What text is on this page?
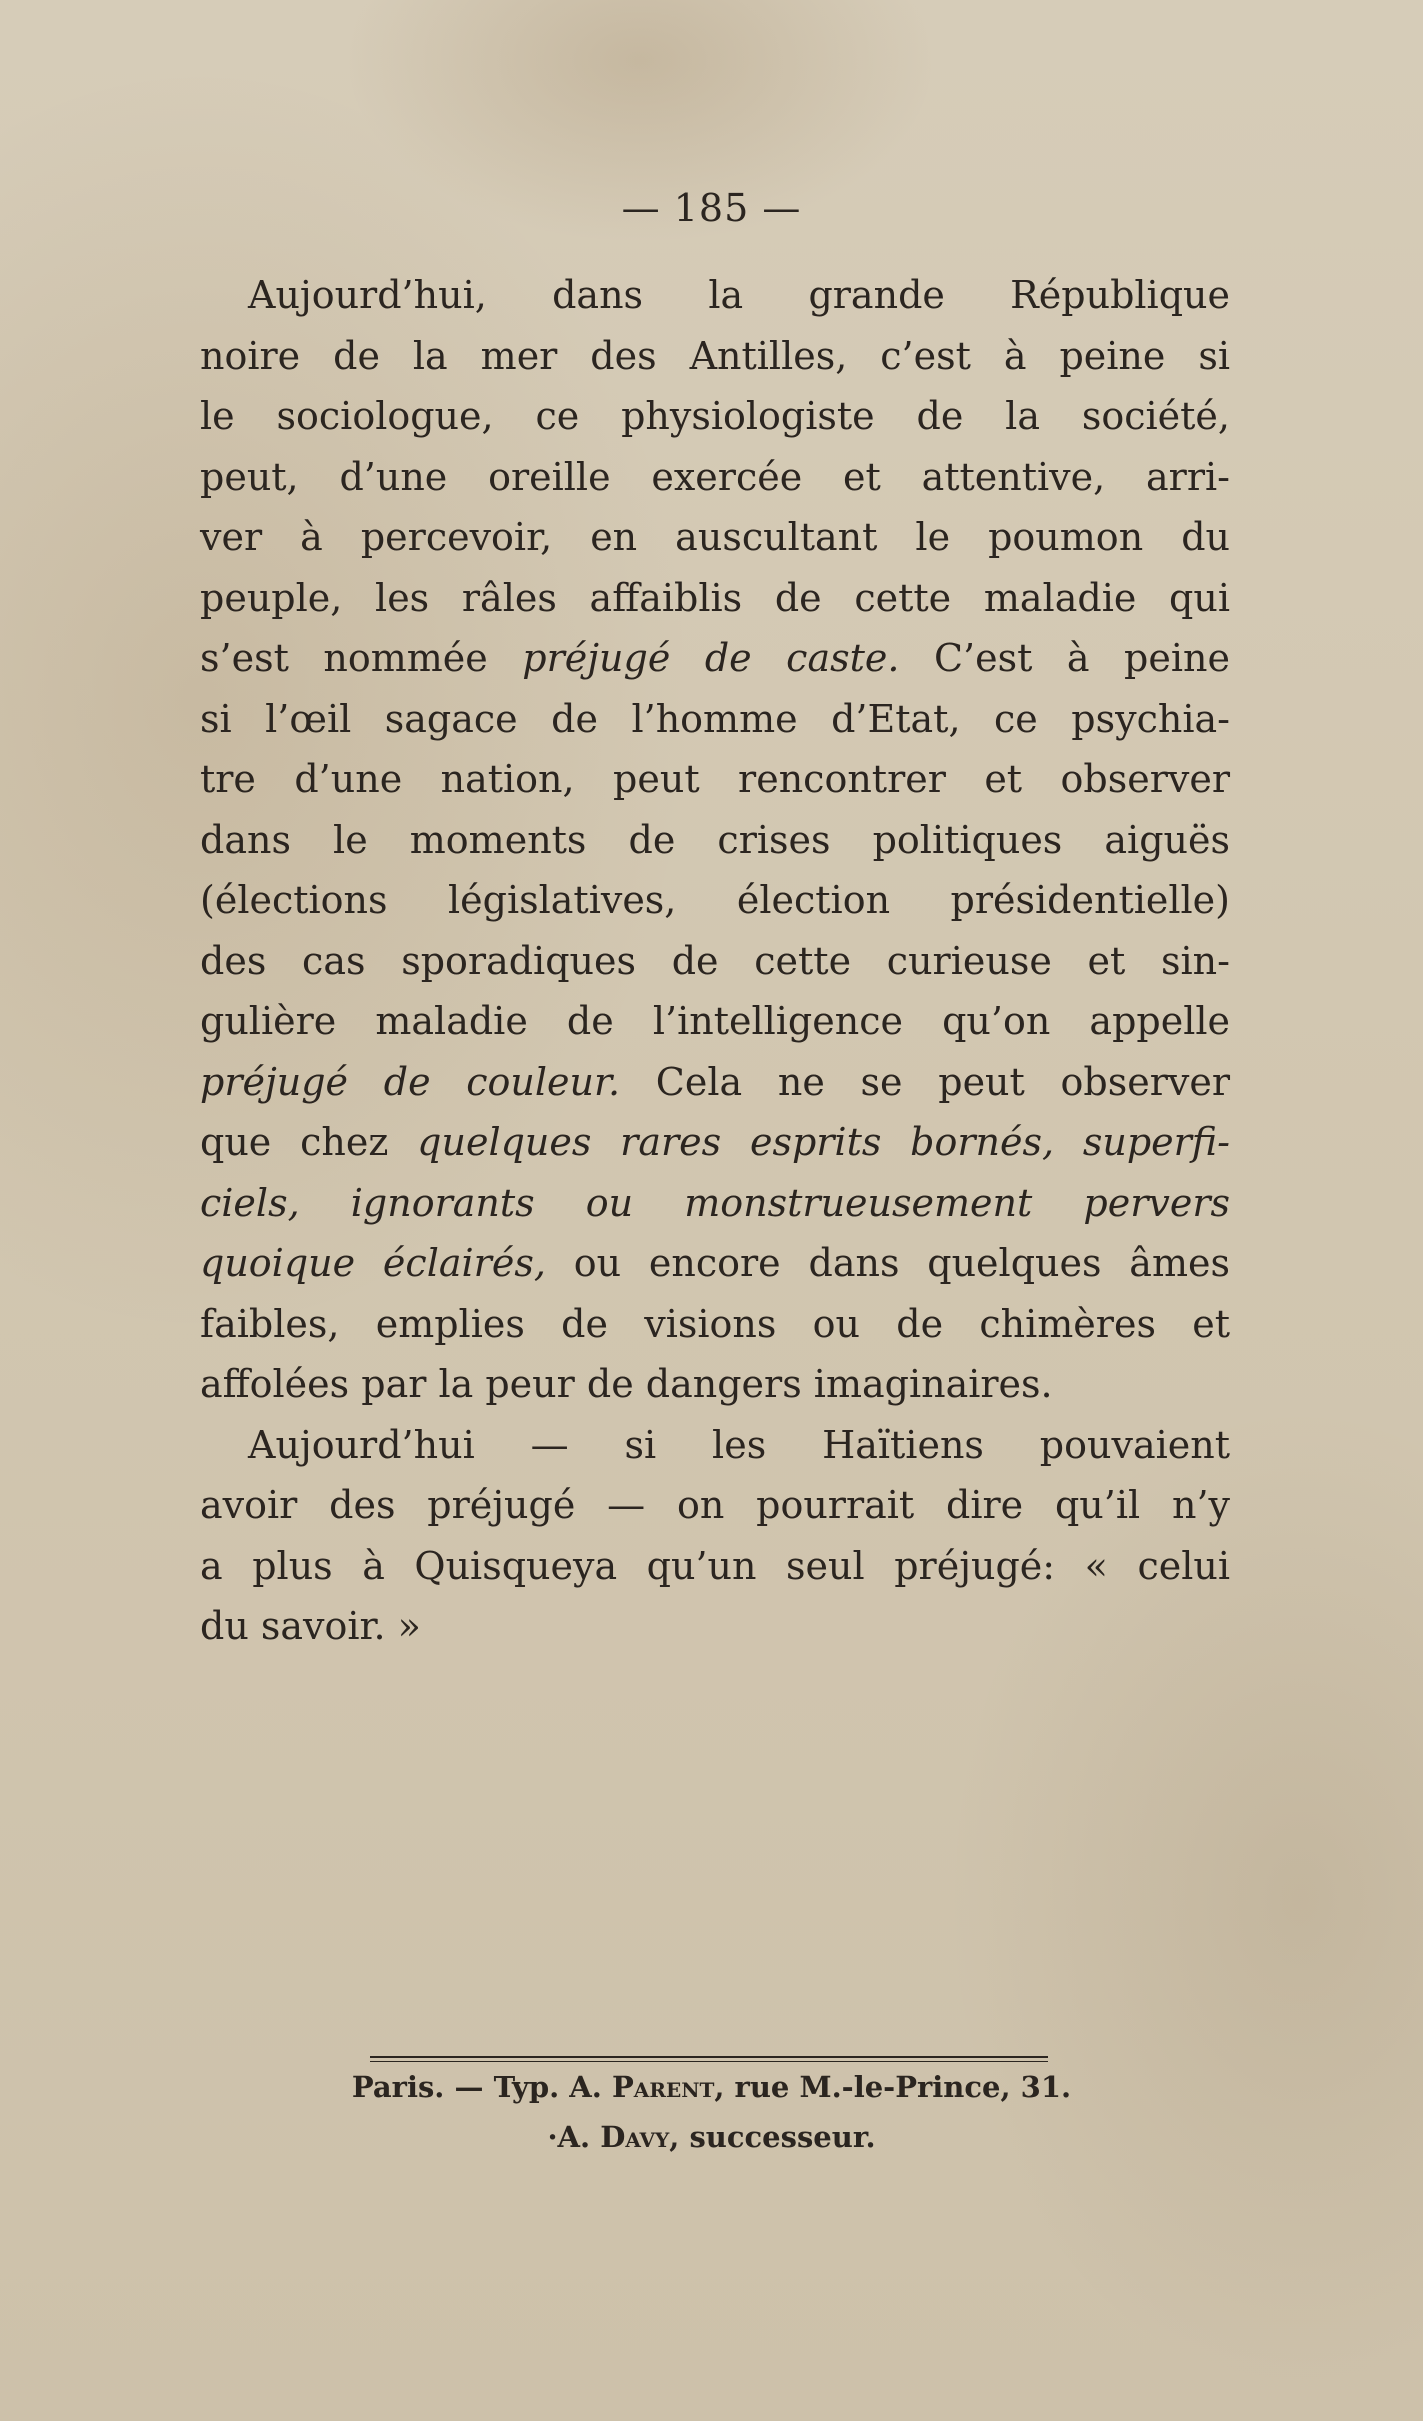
— 185 —
Aujourd’hui, dans la grande République
noire de la mer des Antilles, c’est à peine si
le sociologue, ce physiologiste de la société,
peut, d’une oreille exercée et attentive, arri-
ver à percevoir, en auscultant le poumon du
peuple, les râles affaiblis de cette maladie qui
s’est nommée préjugé de caste. C’est à peine
si l’œil sagace de l’homme d’Etat, ce psychia-
tre d’une nation, peut rencontrer et observer
dans le moments de crises politiques aiguës
(élections législatives, élection présidentielle)
des cas sporadiques de cette curieuse et sin-
gulière maladie de l’intelligence qu’on appelle
préjugé de couleur. Cela ne se peut observer
que chez quelques rares esprits bornés, superfi-
ciels, ignorants ou monstrueusement pervers
quoique éclairés, ou encore dans quelques âmes
faibles, emplies de visions ou de chimères et
affolées par la peur de dangers imaginaires.
Aujourd’hui — si les Haïtiens pouvaient
avoir des préjugé — on pourrait dire qu’il n’y
a plus à Quisqueya qu’un seul préjugé: « celui
du savoir. »
Paris. — Typ. A. Parent, rue M.-le-Prince, 31.
·A. Davy, successeur.
